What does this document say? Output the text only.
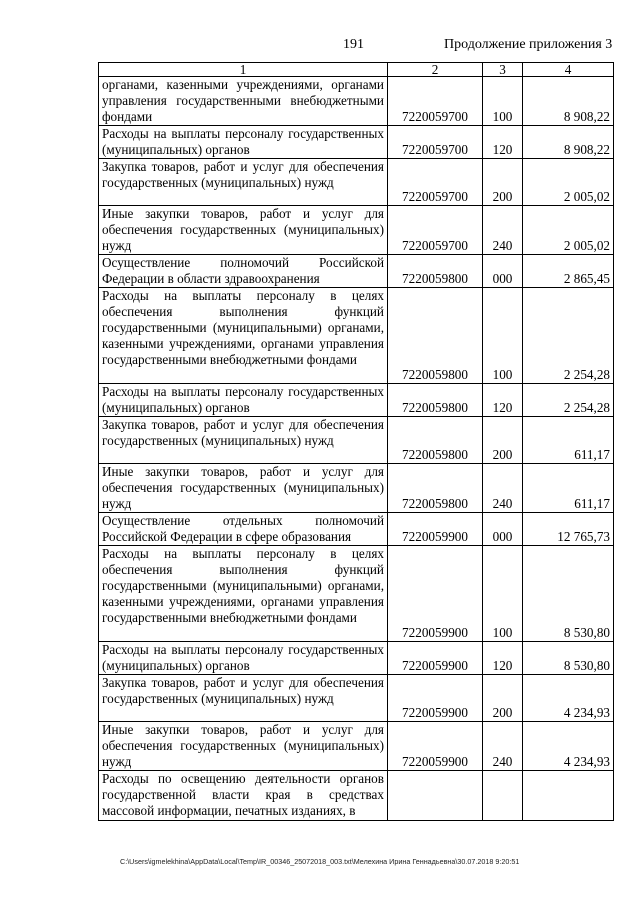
191	Продолжение приложения 3
1	2	3	4
органами, казенными учреждениями, органами управления государственными внебюджетными фондами	7220059700	100	8 908,22
Расходы на выплаты персоналу государственных (муниципальных) органов	7220059700	120	8 908,22
Закупка товаров, работ и услуг для обеспечения государственных (муниципальных) нужд	7220059700	200	2 005,02
Иные закупки товаров, работ и услуг для обеспечения государственных (муниципальных) нужд	7220059700	240	2 005,02
Осуществление полномочий Российской Федерации в области здравоохранения	7220059800	000	2 865,45
Расходы на выплаты персоналу в целях обеспечения выполнения функций государственными (муниципальными) органами, казенными учреждениями, органами управления государственными внебюджетными фондами	7220059800	100	2 254,28
Расходы на выплаты персоналу государственных (муниципальных) органов	7220059800	120	2 254,28
Закупка товаров, работ и услуг для обеспечения государственных (муниципальных) нужд	7220059800	200	611,17
Иные закупки товаров, работ и услуг для обеспечения государственных (муниципальных) нужд	7220059800	240	611,17
Осуществление отдельных полномочий Российской Федерации в сфере образования	7220059900	000	12 765,73
Расходы на выплаты персоналу в целях обеспечения выполнения функций государственными (муниципальными) органами, казенными учреждениями, органами управления государственными внебюджетными фондами	7220059900	100	8 530,80
Расходы на выплаты персоналу государственных (муниципальных) органов	7220059900	120	8 530,80
Закупка товаров, работ и услуг для обеспечения государственных (муниципальных) нужд	7220059900	200	4 234,93
Иные закупки товаров, работ и услуг для обеспечения государственных (муниципальных) нужд	7220059900	240	4 234,93
Расходы по освещению деятельности органов государственной власти края в средствах массовой информации, печатных изданиях, в			
C:\Users\igmelekhina\AppData\Local\Temp\IR_00346_25072018_003.txt\Мелехина Ирина Геннадьевна\30.07.2018 9:20:51
